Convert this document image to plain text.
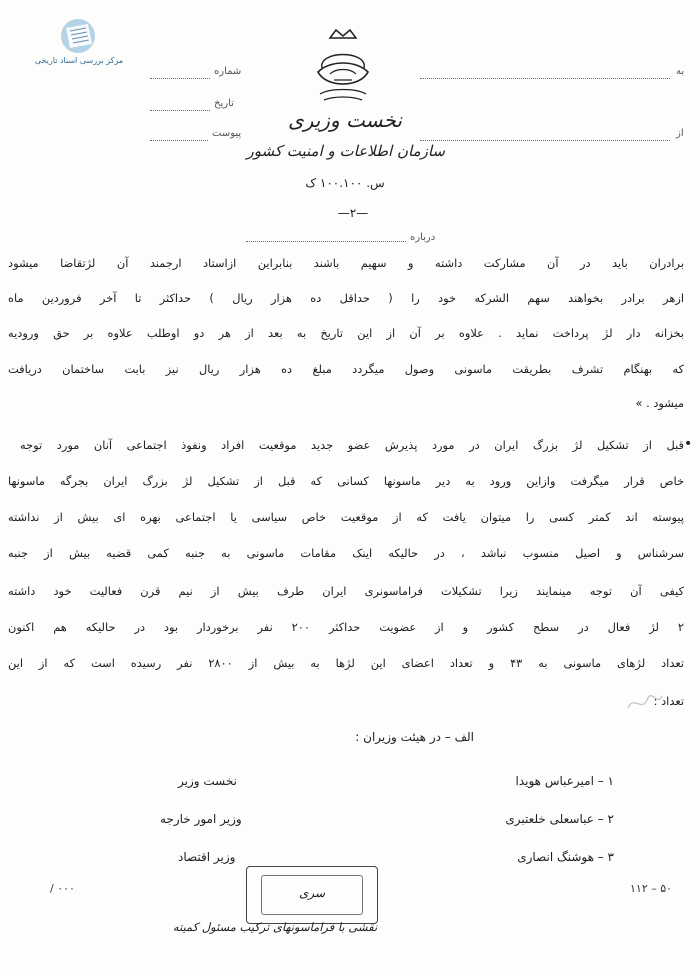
مرکز بررسی اسناد تاریخی
شماره
تاریخ
پیوست
به
از
نخست وزیری
سازمان اطلاعات و امنیت کشور
س. ۱۰۰.۱۰۰ ک
—۲—
درباره
برادران باید در آن مشارکت داشته و سهیم باشند بنابراین ازاستاد ارجمند آن لژتقاضا میشود
ازهر برادر بخواهند سهم الشرکه خود را ( حداقل ده هزار ریال ) حداکثر تا آخر فروردین ماه
بخزانه دار لژ پرداخت نماید . علاوه بر آن از این تاریخ به بعد از هر دو اوطلب علاوه بر حق ورودیه
که بهنگام تشرف بطریقت ماسونی وصول میگردد مبلغ ده هزار ریال نیز بابت ساختمان دریافت
میشود . »
•
قبل از تشکیل لژ بزرگ ایران در مورد پذیرش عضو جدید موقعیت افراد ونفوذ اجتماعی آنان مورد توجه
خاص قرار میگرفت وازاین ورود به دیر ماسونها کسانی که قبل از تشکیل لژ بزرگ ایران بجرگه ماسونها
پیوسته اند کمتر کسی را میتوان یافت که از موقعیت خاص سیاسی یا اجتماعی بهره ای بیش از نداشته
سرشناس و اصیل منسوب نباشد ، در حالیکه اینک مقامات ماسونی به جنبه کمی قضیه بیش از جنبه
کیفی آن توجه مینمایند زیرا تشکیلات فراماسونری ایران طرف بیش از نیم قرن فعالیت خود داشته
۲ لژ فعال در سطح کشور و از عضویت حداکثر ۲۰۰ نفر برخوردار بود در حالیکه هم اکنون
تعداد لژهای ماسونی به ۴۳ و تعداد اعضای این لژها به بیش از ۲۸۰۰ نفر رسیده است که از این
تعداد :
الف – در هیئت وزیران :
۱ – امیرعباس هویدا
نخست وزیر
۲ – عباسعلی خلعتبری
وزیر امور خارجه
۳ – هوشنگ انصاری
وزیر اقتصاد
سری
نقشی با فراماسونهای ترکیب مسئول کمیته
/ ۰۰۰	۱۱۲ – ۵۰
